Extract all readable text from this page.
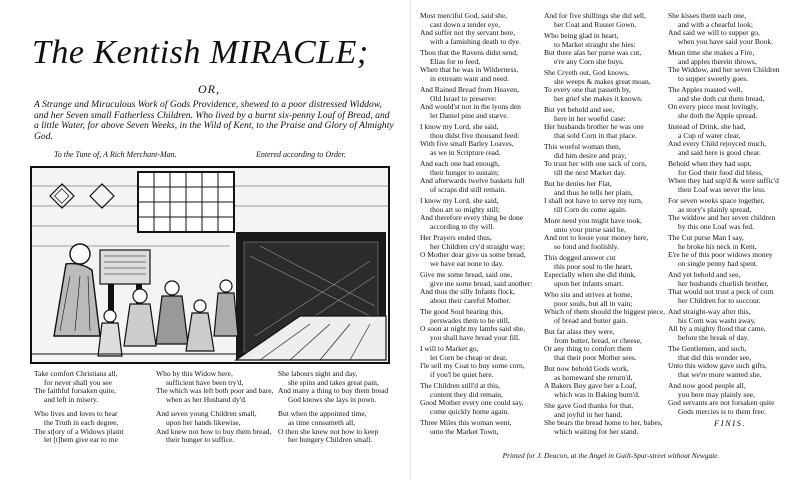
The Kentish MIRACLE;
OR,
A Strange and Miraculous Work of Gods Providence, shewed to a poor distressed Widdow, and her Seven small Fatherless Children. Who lived by a burnt six-penny Loaf of Bread, and a little Water, for above Seven Weeks, in the Wild of Kent, to the Praise and Glory of Almighty God.
To the Tune of, A Rich Merchant-Man.	Entered according to Order.
Take comfort Christians all,
for never shall you see
The faithful forsaken quite,
and left in misery.
Who lives and loves to hear
the Truth in each degree,
The st[ory of a Widows plaint
let [t]hem give ear to me
Who by this Widow here,
sufficient have been try'd,
The which was left both poor and bare,
when as her Husband dy'd.
And seven young Children small,
upon her hands likewise,
And knew not how to buy them bread,
their hunger to suffice.
She labours night and day,
she spins and takes great pain,
And many a thing to buy them bread
God knows she lays in pown.
But when the appointed time,
as time consumeth all,
O then she knew not how to keep
her hungery Children small.
Most merciful God, said she,
cast down a tender eye,
And suffer not thy servant here,
with a famishing death to dye.
Thou that the Ravens didst send,
Elias for to feed,
When that he was in Wilderness,
in extream want and need.
And Rained Bread from Heaven,
Old Israel to preserve:
And would'st not in the lyons den
let Daniel pine and starve.
I know my Lord, she said,
thou didst five thousand feed:
With five small Barley Loaves,
as we in Scripture read.
And each one had enough,
their hunger to sustain;
And afterwards twelve baskets full
of scraps did still remain.
I know my Lord, she said,
thou art so mighty still;
And therefore every thing be done
according to thy will.
Her Prayers ended thus,
her Children cry'd straight way;
O Mother dear give us some bread,
we have eat none to day.
Give me some bread, said one,
give me some bread, said another:
And thus the silly Infants flock,
about their careful Mother.
The good Soul hearing this,
perswades them to be still,
O soon at night my lambs said she,
you shall have bread your fill.
I will to Market go,
let Corn be cheap or dear,
I'le sell my Coat to buy some corn,
if you'l be quiet here.
The Children still'd at this,
content they did remain,
Good Mother every one could say,
come quickly home again.
Three Miles this woman went,
unto the Market Town,
And for five shillings she did sell,
her Coat and Russet Gown.
Who being glad in heart,
to Market straight she hies:
But there alas her purse was cut,
e're any Corn she buys.
She Cryeth out, God knows,
she weeps & makes great moan,
To every one that passeth by,
her grief she makes it known.
But yet behold and see,
here in her woeful case:
Her husbands brother he was one
that sold Corn in that place.
This woeful woman then,
did him desire and pray,
To trust her with one sack of corn,
till the next Market day.
But he denies her Flat,
and thus he tells her plain,
I shall not have to serve my turn,
till Corn do come again.
More need you might have took,
unto your purse said he,
And not to loose your money here,
so fond and foolishly.
This dogged answer cut
this poor soul to the heart,
Especially when she did think,
upon her infants smart.
Who sits and strives at home,
poor souls, but all in vain;
Which of them should the biggest piece,
of bread and butter gain.
But far alass they were,
from butter, bread, or cheese,
Or any thing to comfort them
that their poor Mother sees.
But now behold Gods work,
as homeward she return'd,
A Bakers Boy gave her a Loaf,
which was in Baking burn'd.
She gave God thanks for that,
and joyful in her hand,
She bears the bread home to her, babes,
which waiting for her stand.
She kisses them each one,
and with a chearful look;
And said we will to supper go,
when you have said your Book.
Mean time she makes a Fire,
and apples therein throws,
The Widdow, and her seven Children
to supper sweetly goes.
The Apples roasted well,
and she doth cut them bread,
On every piece most lovingly,
she doth the Apple spread.
Instead of Drink, she had,
a Cup of water clear,
And every Child rejoyced much,
and said here is good chear.
Behold when they had supt,
for God their food did bless,
When they had sup'd & were suffic'd
their Loaf was never the less.
For seven weeks space together,
as story's plainly spread,
The widdow and her seven children
by this one Loaf was fed.
The Cut purse Man I say,
he broke his neck in Kent,
E're he of this poor widows money
on single penny had spent.
And yet behold and see,
her husbands churlish brother,
That would not trust a peck of corn
her Children for to succour.
And straight-way after this,
his Corn was washt away,
All by a mighty flood that came,
before the break of day.
The Gentlemen, and such,
that did this wonder see,
Unto this widow gave such gifts,
that we're more wanted she.
And now good people all,
you here may plainly see,
God servants are not forsaken quite
Gods mercies is to them free.
FINIS.
Printed for J. Deacon, at the Angel in Guilt-Spur-street without Newgate.
